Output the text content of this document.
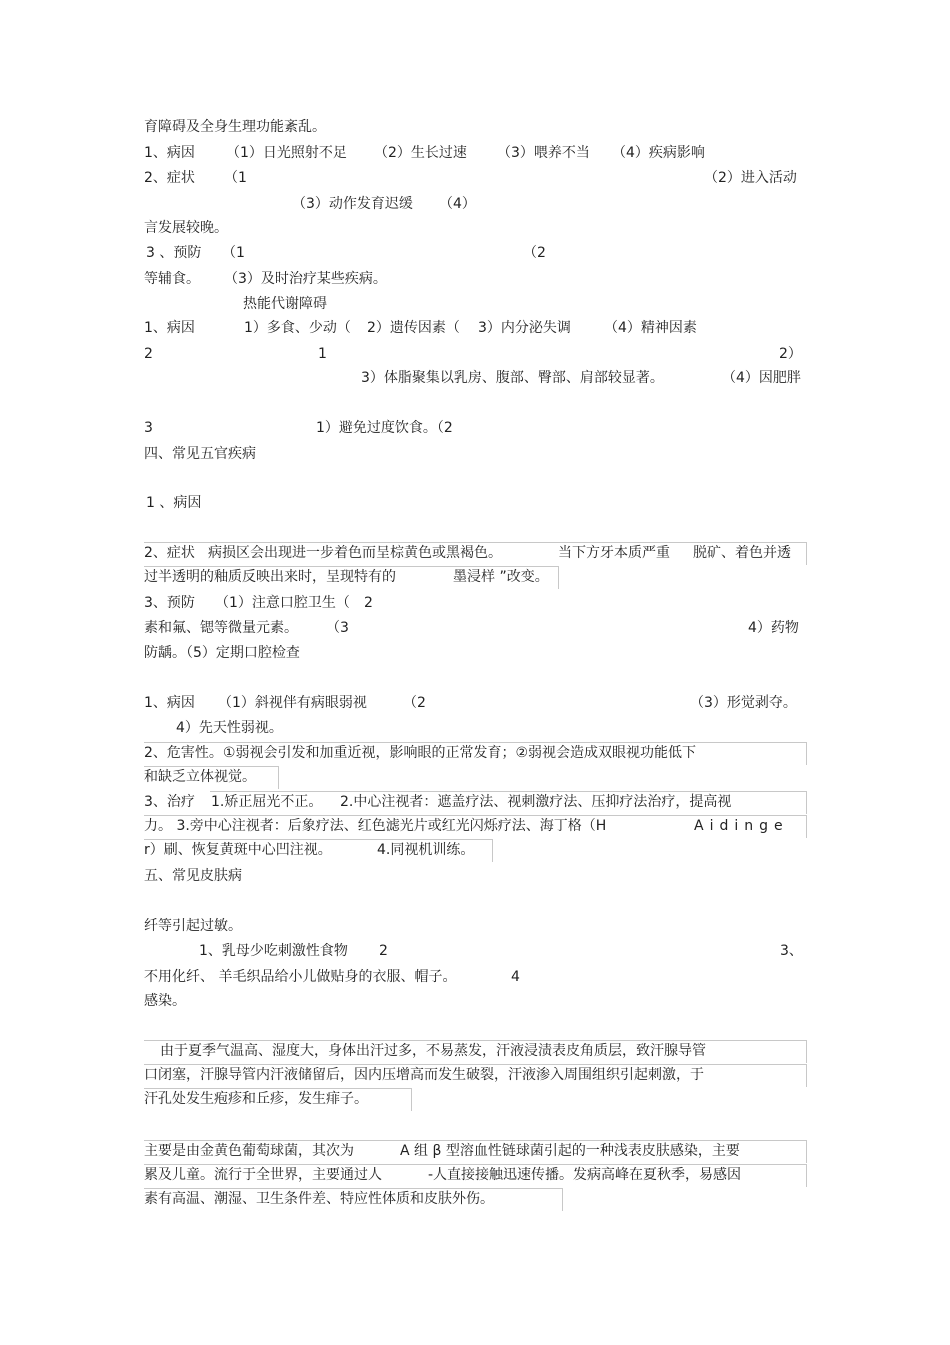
育障碍及全身生理功能紊乱。
1、病因 （1）日光照射不足 （2）生长过速 （3）喂养不当 （4）疾病影响
2、症状 （1	（2）进入活动
（3）动作发育迟缓 （4）
言发展较晚。
3 、预防 （1	（2
等辅食。 （3）及时治疗某些疾病。
热能代谢障碍
1、病因	1）多食、少动（ 2）遗传因素（ 3）内分泌失调 （4）精神因素
2	1	2）
3）体脂聚集以乳房、腹部、臀部、肩部较显著。	（4）因肥胖
3	1）避免过度饮食。（2
四、常见五官疾病
1 、病因
2、症状 病损区会出现进一步着色而呈棕黄色或黑褐色。	当下方牙本质严重 脱矿、着色并透
过半透明的釉质反映出来时，呈现特有的	墨浸样 ”改变。
3、预防 （1）注意口腔卫生（ 2
素和氟、锶等微量元素。 （3	4）药物
防龋。（5）定期口腔检查
1、病因 （1）斜视伴有病眼弱视	（2	（3）形觉剥夺。
4）先天性弱视。
2、危害性。①弱视会引发和加重近视，影响眼的正常发育；②弱视会造成双眼视功能低下
和缺乏立体视觉。
3、治疗 1.矫正屈光不正。 2.中心注视者：遮盖疗法、视刺激疗法、压抑疗法治疗，提高视
力。 3.旁中心注视者：后象疗法、红色滤光片或红光闪烁疗法、海丁格（H	Aidinge
r）刷、恢复黄斑中心凹注视。	4.同视机训练。
五、常见皮肤病
纤等引起过敏。
1、乳母少吃刺激性食物 2	3、
不用化纤、 羊毛织品给小儿做贴身的衣服、帽子。	4
感染。
由于夏季气温高、湿度大，身体出汗过多，不易蒸发，汗液浸渍表皮角质层，致汗腺导管
口闭塞，汗腺导管内汗液储留后，因内压增高而发生破裂，汗液渗入周围组织引起刺激，于
汗孔处发生疱疹和丘疹，发生痱子。
主要是由金黄色葡萄球菌，其次为	A 组 β 型溶血性链球菌引起的一种浅表皮肤感染，主要
累及儿童。流行于全世界，主要通过人	-人直接接触迅速传播。发病高峰在夏秋季，易感因
素有高温、潮湿、卫生条件差、特应性体质和皮肤外伤。
